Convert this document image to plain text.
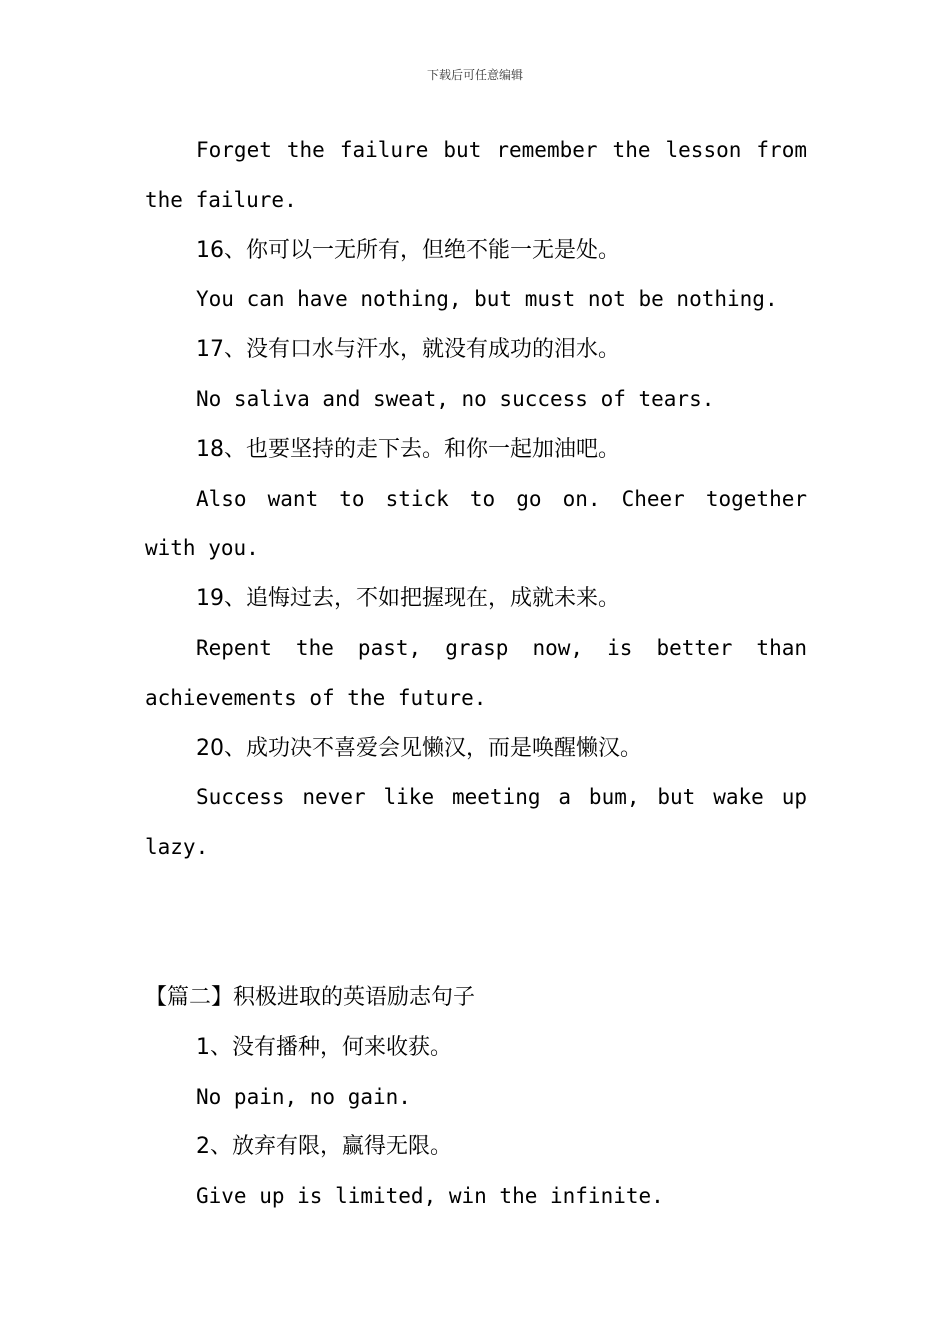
下载后可任意编辑
Forget the failure but remember the lesson from
the failure.
16、你可以一无所有，但绝不能一无是处。
You can have nothing, but must not be nothing.
17、没有口水与汗水，就没有成功的泪水。
No saliva and sweat, no success of tears.
18、也要坚持的走下去。和你一起加油吧。
Also want to stick to go on. Cheer together
with you.
19、追悔过去，不如把握现在，成就未来。
Repent the past, grasp now, is better than
achievements of the future.
20、成功决不喜爱会见懒汉，而是唤醒懒汉。
Success never like meeting a bum, but wake up
lazy.
【篇二】积极进取的英语励志句子
1、没有播种，何来收获。
No pain, no gain.
2、放弃有限，赢得无限。
Give up is limited, win the infinite.
